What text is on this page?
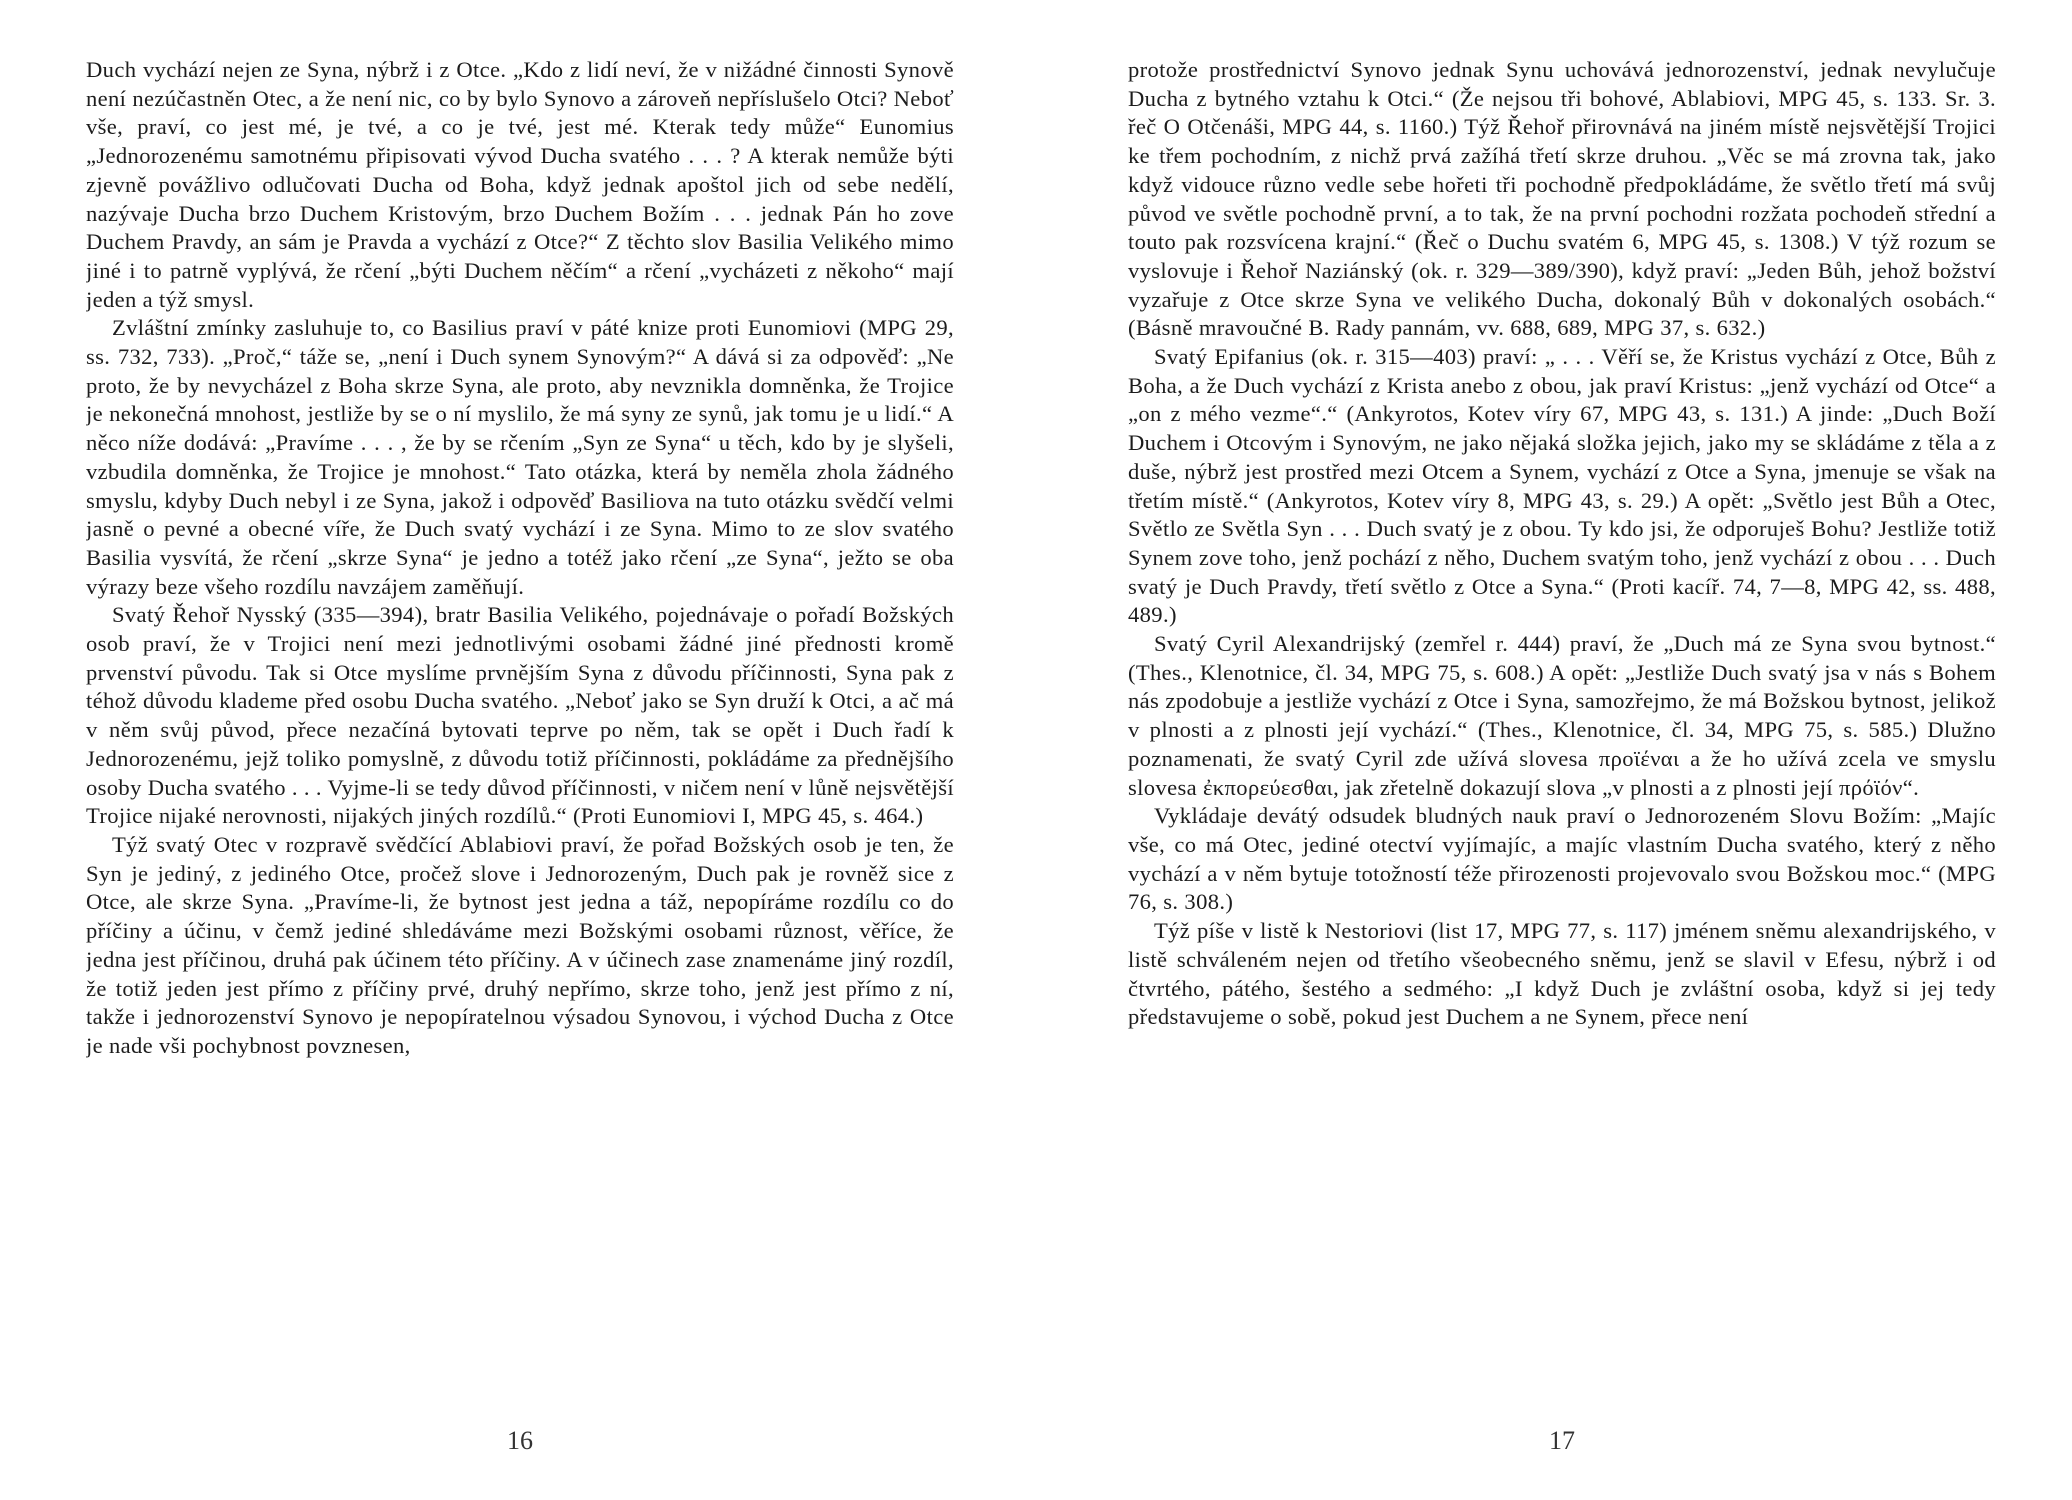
Duch vychází nejen ze Syna, nýbrž i z Otce. „Kdo z lidí neví, že v nižádné činnosti Synově není nezúčastněn Otec, a že není nic, co by bylo Synovo a zároveň nepříslušelo Otci? Neboť vše, praví, co jest mé, je tvé, a co je tvé, jest mé. Kterak tedy může“ Eunomius „Jednorozenému samotnému připisovati vývod Ducha svatého . . . ? A kterak nemůže býti zjevně povážlivo odlučovati Ducha od Boha, když jednak apoštol jich od sebe nedělí, nazývaje Ducha brzo Duchem Kristovým, brzo Duchem Božím . . . jednak Pán ho zove Duchem Pravdy, an sám je Pravda a vychází z Otce?“ Z těchto slov Basilia Velikého mimo jiné i to patrně vyplývá, že rčení „býti Duchem něčím“ a rčení „vycházeti z někoho“ mají jeden a týž smysl.

Zvláštní zmínky zasluhuje to, co Basilius praví v páté knize proti Eunomiovi (MPG 29, ss. 732, 733). „Proč,“ táže se, „není i Duch synem Synovým?“ A dává si za odpověď: „Ne proto, že by nevycházel z Boha skrze Syna, ale proto, aby nevznikla domněnka, že Trojice je nekonečná mnohost, jestliže by se o ní myslilo, že má syny ze synů, jak tomu je u lidí.“ A něco níže dodává: „Pravíme . . . , že by se rčením „Syn ze Syna“ u těch, kdo by je slyšeli, vzbudila domněnka, že Trojice je mnohost.“ Tato otázka, která by neměla zhola žádného smyslu, kdyby Duch nebyl i ze Syna, jakož i odpověď Basiliova na tuto otázku svědčí velmi jasně o pevné a obecné víře, že Duch svatý vychází i ze Syna. Mimo to ze slov svatého Basilia vysvítá, že rčení „skrze Syna“ je jedno a totéž jako rčení „ze Syna“, ježto se oba výrazy beze všeho rozdílu navzájem zaměňují.

Svatý Řehoř Nysský (335—394), bratr Basilia Velikého, pojednávaje o pořadí Božských osob praví, že v Trojici není mezi jednotlivými osobami žádné jiné přednosti kromě prvenství původu. Tak si Otce myslíme prvnějším Syna z důvodu příčinnosti, Syna pak z téhož důvodu klademe před osobu Ducha svatého. „Neboť jako se Syn druží k Otci, a ač má v něm svůj původ, přece nezačíná bytovati teprve po něm, tak se opět i Duch řadí k Jednorozenému, jejž toliko pomyslně, z důvodu totiž příčinnosti, pokládáme za přednějšího osoby Ducha svatého . . . Vyjme-li se tedy důvod příčinnosti, v ničem není v lůně nejsvětější Trojice nijaké nerovnosti, nijakých jiných rozdílů.“ (Proti Eunomiovi I, MPG 45, s. 464.)

Týž svatý Otec v rozpravě svědčící Ablabiovi praví, že pořad Božských osob je ten, že Syn je jediný, z jediného Otce, pročež slove i Jednorozeným, Duch pak je rovněž sice z Otce, ale skrze Syna. „Pravíme-li, že bytnost jest jedna a táž, nepopíráme rozdílu co do příčiny a účinu, v čemž jediné shledáváme mezi Božskými osobami různost, věříce, že jedna jest příčinou, druhá pak účinem této příčiny. A v účinech zase znamenáme jiný rozdíl, že totiž jeden jest přímo z příčiny prvé, druhý nepřímo, skrze toho, jenž jest přímo z ní, takže i jednorozenství Synovo je nepopíratelnou výsadou Synovou, i východ Ducha z Otce je nade vši pochybnost povznesen,

16

protože prostřednictví Synovo jednak Synu uchovává jednorozenství, jednak nevylučuje Ducha z bytného vztahu k Otci.“ (Že nejsou tři bohové, Ablabiovi, MPG 45, s. 133. Sr. 3. řeč O Otčenáši, MPG 44, s. 1160.) Týž Řehoř přirovnává na jiném místě nejsvětější Trojici ke třem pochodním, z nichž prvá zažíhá třetí skrze druhou. „Věc se má zrovna tak, jako když vidouce různo vedle sebe hořeti tři pochodně předpokládáme, že světlo třetí má svůj původ ve světle pochodně první, a to tak, že na první pochodni rozžata pochodeň střední a touto pak rozsvícena krajní.“ (Řeč o Duchu svatém 6, MPG 45, s. 1308.) V týž rozum se vyslovuje i Řehoř Naziánský (ok. r. 329—389/390), když praví: „Jeden Bůh, jehož božství vyzařuje z Otce skrze Syna ve velikého Ducha, dokonalý Bůh v dokonalých osobách.“ (Básně mravoučné B. Rady pannám, vv. 688, 689, MPG 37, s. 632.)

Svatý Epifanius (ok. r. 315—403) praví: „ . . . Věří se, že Kristus vychází z Otce, Bůh z Boha, a že Duch vychází z Krista anebo z obou, jak praví Kristus: „jenž vychází od Otce“ a „on z mého vezme“.“ (Ankyrotos, Kotev víry 67, MPG 43, s. 131.) A jinde: „Duch Boží Duchem i Otcovým i Synovým, ne jako nějaká složka jejich, jako my se skládáme z těla a z duše, nýbrž jest prostřed mezi Otcem a Synem, vychází z Otce a Syna, jmenuje se však na třetím místě.“ (Ankyrotos, Kotev víry 8, MPG 43, s. 29.) A opět: „Světlo jest Bůh a Otec, Světlo ze Světla Syn . . . Duch svatý je z obou. Ty kdo jsi, že odporuješ Bohu? Jestliže totiž Synem zove toho, jenž pochází z něho, Duchem svatým toho, jenž vychází z obou . . . Duch svatý je Duch Pravdy, třetí světlo z Otce a Syna.“ (Proti kacíř. 74, 7—8, MPG 42, ss. 488, 489.)

Svatý Cyril Alexandrijský (zemřel r. 444) praví, že „Duch má ze Syna svou bytnost.“ (Thes., Klenotnice, čl. 34, MPG 75, s. 608.) A opět: „Jestliže Duch svatý jsa v nás s Bohem nás zpodobuje a jestliže vychází z Otce i Syna, samozřejmo, že má Božskou bytnost, jelikož v plnosti a z plnosti její vychází.“ (Thes., Klenotnice, čl. 34, MPG 75, s. 585.) Dlužno poznamenati, že svatý Cyril zde užívá slovesa προϊέναι a že ho užívá zcela ve smyslu slovesa ἐκπορεύεσθαι, jak zřetelně dokazují slova „v plnosti a z plnosti její πρόϊόν“.

Vykládaje devátý odsudek bludných nauk praví o Jednorozeném Slovu Božím: „Majíc vše, co má Otec, jediné otectví vyjímajíc, a majíc vlastním Ducha svatého, který z něho vychází a v něm bytuje totožností téže přirozenosti projevovalo svou Božskou moc.“ (MPG 76, s. 308.)

Týž píše v listě k Nestoriovi (list 17, MPG 77, s. 117) jménem sněmu alexandrijského, v listě schváleném nejen od třetího všeobecného sněmu, jenž se slavil v Efesu, nýbrž i od čtvrtého, pátého, šestého a sedmého: „I když Duch je zvláštní osoba, když si jej tedy představujeme o sobě, pokud jest Duchem a ne Synem, přece není

17
